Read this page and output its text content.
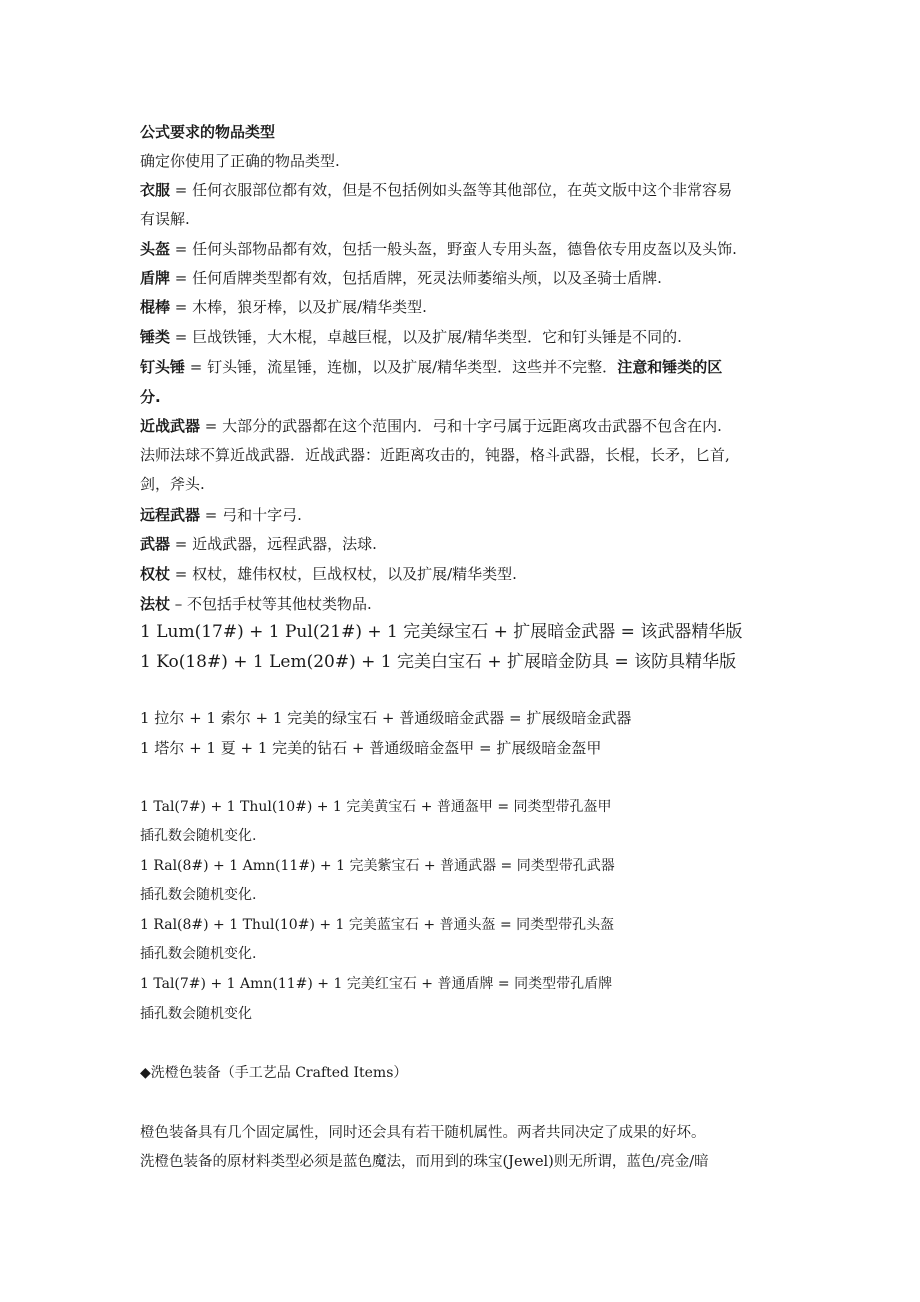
公式要求的物品类型
确定你使用了正确的物品类型.
衣服 = 任何衣服部位都有效，但是不包括例如头盔等其他部位，在英文版中这个非常容易
有误解.
头盔 = 任何头部物品都有效，包括一般头盔，野蛮人专用头盔，德鲁依专用皮盔以及头饰.
盾牌 = 任何盾牌类型都有效，包括盾牌，死灵法师萎缩头颅，以及圣骑士盾牌.
棍棒 = 木棒，狼牙棒，以及扩展/精华类型.
锤类 = 巨战铁锤，大木棍，卓越巨棍，以及扩展/精华类型．它和钉头锤是不同的.
钉头锤 = 钉头锤，流星锤，连枷，以及扩展/精华类型．这些并不完整．注意和锤类的区
分.
近战武器 = 大部分的武器都在这个范围内．弓和十字弓属于远距离攻击武器不包含在内.
法师法球不算近战武器．近战武器：近距离攻击的，钝器，格斗武器，长棍，长矛，匕首,
剑，斧头.
远程武器 = 弓和十字弓.
武器 = 近战武器，远程武器，法球.
权杖 = 权杖，雄伟权杖，巨战权杖，以及扩展/精华类型.
法杖 – 不包括手杖等其他杖类物品.
1 Lum(17#) + 1 Pul(21#) + 1 完美绿宝石 + 扩展暗金武器 = 该武器精华版
1 Ko(18#) + 1 Lem(20#) + 1 完美白宝石 + 扩展暗金防具 = 该防具精华版
1 拉尔 + 1 索尔 + 1 完美的绿宝石 + 普通级暗金武器 = 扩展级暗金武器
1 塔尔 + 1 夏 + 1 完美的钻石 + 普通级暗金盔甲 = 扩展级暗金盔甲
1 Tal(7#) + 1 Thul(10#) + 1 完美黄宝石 + 普通盔甲 = 同类型带孔盔甲
插孔数会随机变化.
1 Ral(8#) + 1 Amn(11#) + 1 完美紫宝石 + 普通武器 = 同类型带孔武器
插孔数会随机变化.
1 Ral(8#) + 1 Thul(10#) + 1 完美蓝宝石 + 普通头盔 = 同类型带孔头盔
插孔数会随机变化.
1 Tal(7#) + 1 Amn(11#) + 1 完美红宝石 + 普通盾牌 = 同类型带孔盾牌
插孔数会随机变化
◆洗橙色装备（手工艺品 Crafted Items）
橙色装备具有几个固定属性，同时还会具有若干随机属性。两者共同决定了成果的好坏。
洗橙色装备的原材料类型必须是蓝色魔法，而用到的珠宝(Jewel)则无所谓，蓝色/亮金/暗
